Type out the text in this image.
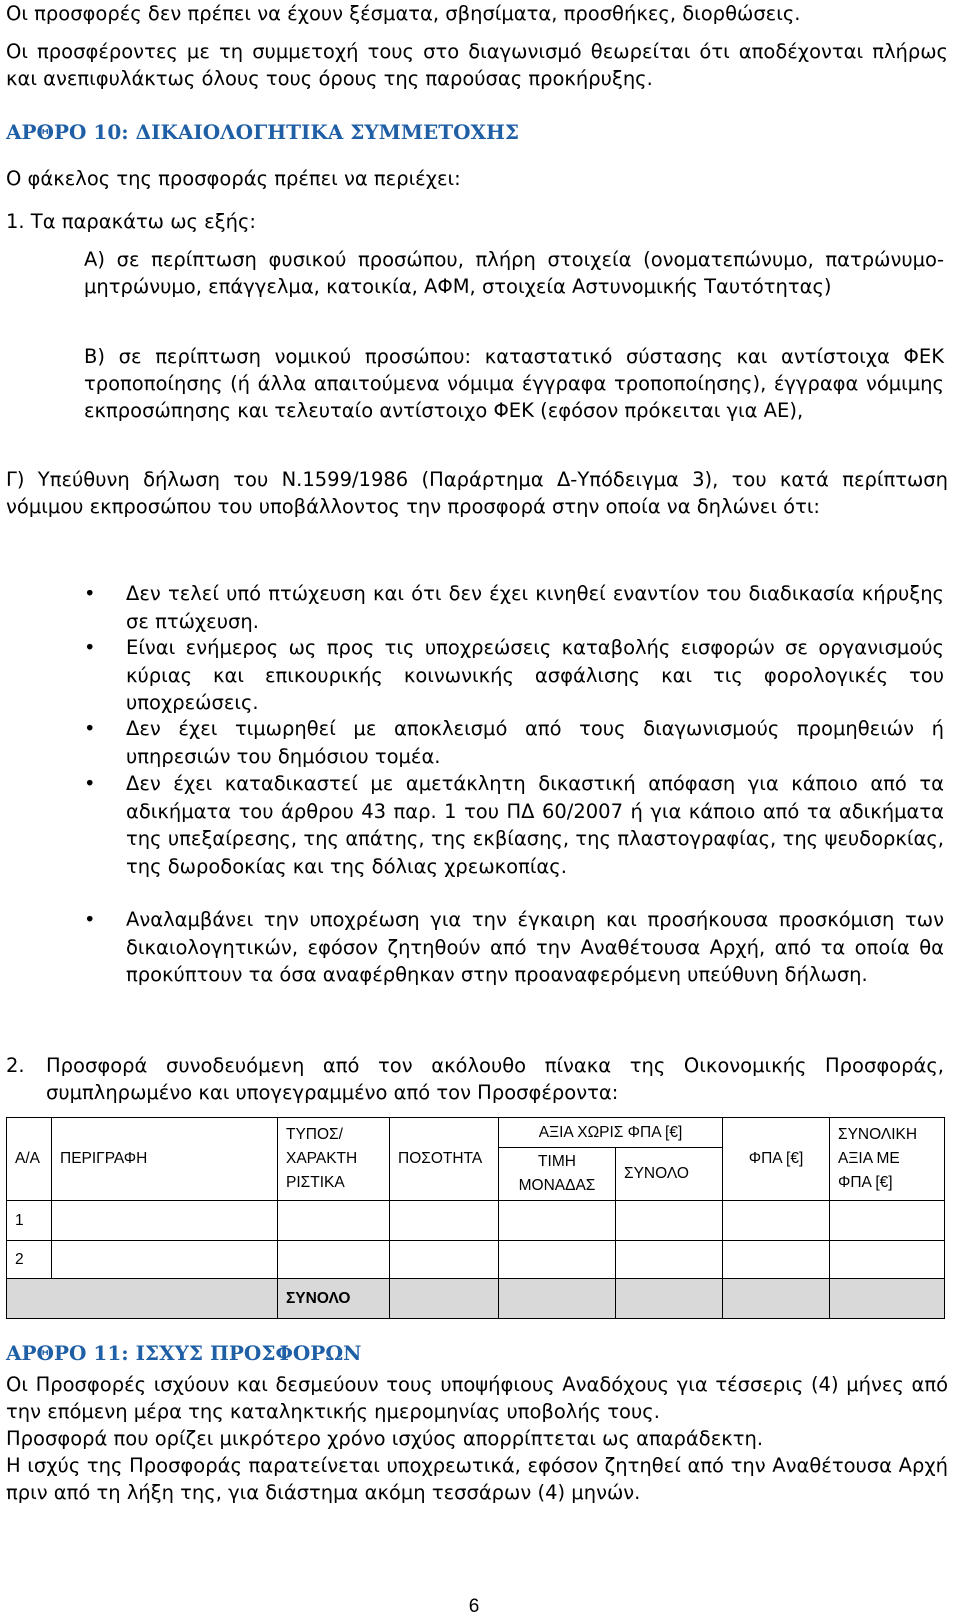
Οι προσφορές δεν πρέπει να έχουν ξέσματα, σβησίματα, προσθήκες, διορθώσεις.

Οι προσφέροντες με τη συμμετοχή τους στο διαγωνισμό θεωρείται ότι αποδέχονται πλήρως και ανεπιφυλάκτως όλους τους όρους της παρούσας προκήρυξης.

ΑΡΘΡΟ 10: ΔΙΚΑΙΟΛΟΓΗΤΙΚΑ ΣΥΜΜΕΤΟΧΗΣ
Ο φάκελος της προσφοράς πρέπει να περιέχει:
1. Τα παρακάτω ως εξής:

Α) σε περίπτωση φυσικού προσώπου, πλήρη στοιχεία (ονοματεπώνυμο, πατρώνυμο-μητρώνυμο, επάγγελμα, κατοικία, ΑΦΜ, στοιχεία Αστυνομικής Ταυτότητας)

Β) σε περίπτωση νομικού προσώπου: καταστατικό σύστασης και αντίστοιχα ΦΕΚ τροποποίησης (ή άλλα απαιτούμενα νόμιμα έγγραφα τροποποίησης), έγγραφα νόμιμης εκπροσώπησης και τελευταίο αντίστοιχο ΦΕΚ (εφόσον πρόκειται για ΑΕ),

Γ) Υπεύθυνη δήλωση του Ν.1599/1986 (Παράρτημα Δ-Υπόδειγμα 3), του κατά περίπτωση νόμιμου εκπροσώπου του υποβάλλοντος την προσφορά στην οποία να δηλώνει ότι:

•	Δεν τελεί υπό πτώχευση και ότι δεν έχει κινηθεί εναντίον του διαδικασία κήρυξης σε πτώχευση.

•	Είναι ενήμερος ως προς τις υποχρεώσεις καταβολής εισφορών σε οργανισμούς κύριας και επικουρικής κοινωνικής ασφάλισης και τις φορολογικές του υποχρεώσεις.

•	Δεν έχει τιμωρηθεί με αποκλεισμό από τους διαγωνισμούς προμηθειών ή υπηρεσιών του δημόσιου τομέα.

•	Δεν έχει καταδικαστεί με αμετάκλητη δικαστική απόφαση για κάποιο από τα αδικήματα του άρθρου 43 παρ. 1 του ΠΔ 60/2007 ή για κάποιο από τα αδικήματα της υπεξαίρεσης, της απάτης, της εκβίασης, της πλαστογραφίας, της ψευδορκίας, της δωροδοκίας και της δόλιας χρεωκοπίας.

•	Αναλαμβάνει την υποχρέωση για την έγκαιρη και προσήκουσα προσκόμιση των δικαιολογητικών, εφόσον ζητηθούν από την Αναθέτουσα Αρχή, από τα οποία θα προκύπτουν τα όσα αναφέρθηκαν στην προαναφερόμενη υπεύθυνη δήλωση.

2. Προσφορά συνοδευόμενη από τον ακόλουθο πίνακα της Οικονομικής Προσφοράς, συμπληρωμένο και υπογεγραμμένο από τον Προσφέροντα:

Α/Α	ΠΕΡΙΓΡΑΦΗ	ΤΥΠΟΣ/ ΧΑΡΑΚΤΗ ΡΙΣΤΙΚΑ	ΠΟΣΟΤΗΤΑ	ΑΞΙΑ ΧΩΡΙΣ ΦΠΑ [€]		ΦΠΑ [€]	ΣΥΝΟΛΙΚΗ ΑΞΙΑ ΜΕ ΦΠΑ [€]
				ΤΙΜΗ ΜΟΝΑΔΑΣ	ΣΥΝΟΛΟ		
1							
2							
		ΣΥΝΟΛΟ					
ΑΡΘΡΟ 11: ΙΣΧΥΣ ΠΡΟΣΦΟΡΩΝ

Οι Προσφορές ισχύουν και δεσμεύουν τους υποψήφιους Αναδόχους για τέσσερις (4) μήνες από την επόμενη μέρα της καταληκτικής ημερομηνίας υποβολής τους.

Προσφορά που ορίζει μικρότερο χρόνο ισχύος απορρίπτεται ως απαράδεκτη.

Η ισχύς της Προσφοράς παρατείνεται υποχρεωτικά, εφόσον ζητηθεί από την Αναθέτουσα Αρχή πριν από τη λήξη της, για διάστημα ακόμη τεσσάρων (4) μηνών.

6
